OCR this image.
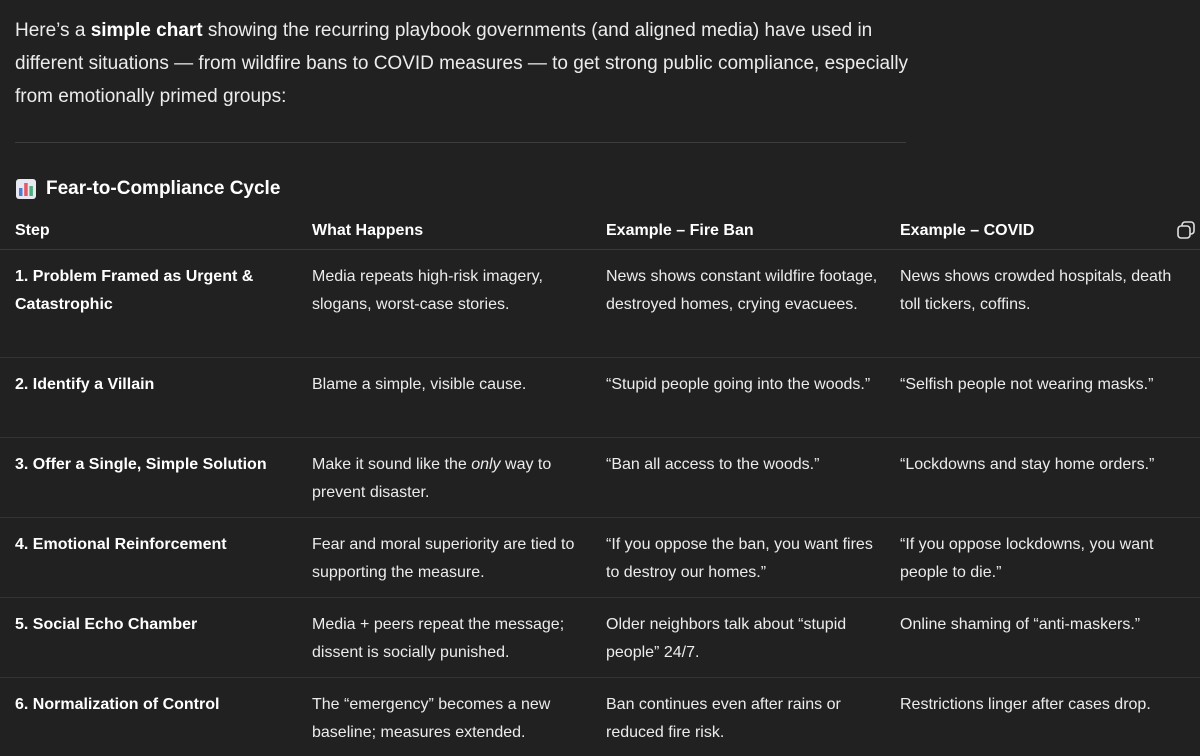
Here’s a simple chart showing the recurring playbook governments (and aligned media) have used in different situations — from wildfire bans to COVID measures — to get strong public compliance, especially from emotionally primed groups:
Fear-to-Compliance Cycle
Step	What Happens	Example – Fire Ban	Example – COVID

1. Problem Framed as Urgent & Catastrophic	Media repeats high-risk imagery, slogans, worst-case stories.	News shows constant wildfire footage, destroyed homes, crying evacuees.	News shows crowded hospitals, death toll tickers, coffins.

2. Identify a Villain	Blame a simple, visible cause.	“Stupid people going into the woods.”	“Selfish people not wearing masks.”

3. Offer a Single, Simple Solution	Make it sound like the only way to prevent disaster.	“Ban all access to the woods.”	“Lockdowns and stay home orders.”

4. Emotional Reinforcement	Fear and moral superiority are tied to supporting the measure.	“If you oppose the ban, you want fires to destroy our homes.”	“If you oppose lockdowns, you want people to die.”

5. Social Echo Chamber	Media + peers repeat the message; dissent is socially punished.	Older neighbors talk about “stupid people” 24/7.	Online shaming of “anti-maskers.”

6. Normalization of Control	The “emergency” becomes a new baseline; measures extended.	Ban continues even after rains or reduced fire risk.	Restrictions linger after cases drop.
